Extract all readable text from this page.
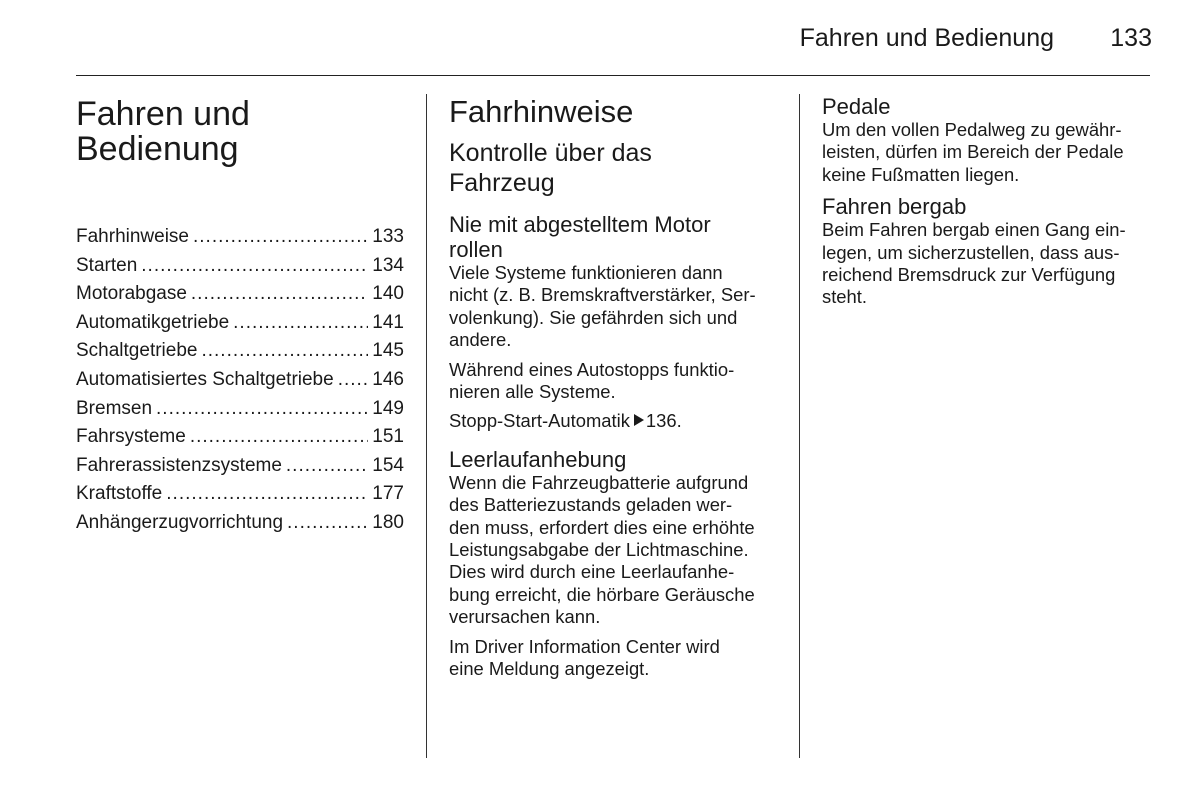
Fahren und Bedienung 133
Fahren und
Bedienung
Fahrhinweise .....	133
Starten .....	134
Motorabgase .....	140
Automatikgetriebe .....	141
Schaltgetriebe .....	145
Automatisiertes Schaltgetriebe ..... 146
Bremsen .....	149
Fahrsysteme .....	151
Fahrerassistenzsysteme .....	154
Kraftstoffe .....	177
Anhängerzugvorrichtung .....	180
Fahrhinweise
Kontrolle über das
Fahrzeug
Nie mit abgestelltem Motor
rollen

Viele Systeme funktionieren dann
nicht (z. B. Bremskraftverstärker, Ser-
volenkung). Sie gefährden sich und
andere.

Während eines Autostopps funktio-
nieren alle Systeme.

Stopp-Start-Automatik 136.

Leerlaufanhebung

Wenn die Fahrzeugbatterie aufgrund
des Batteriezustands geladen wer-
den muss, erfordert dies eine erhöhte
Leistungsabgabe der Lichtmaschine.
Dies wird durch eine Leerlaufanhe-
bung erreicht, die hörbare Geräusche
verursachen kann.

Im Driver Information Center wird
eine Meldung angezeigt.

Pedale

Um den vollen Pedalweg zu gewähr-
leisten, dürfen im Bereich der Pedale
keine Fußmatten liegen.

Fahren bergab

Beim Fahren bergab einen Gang ein-
legen, um sicherzustellen, dass aus-
reichend Bremsdruck zur Verfügung
steht.
